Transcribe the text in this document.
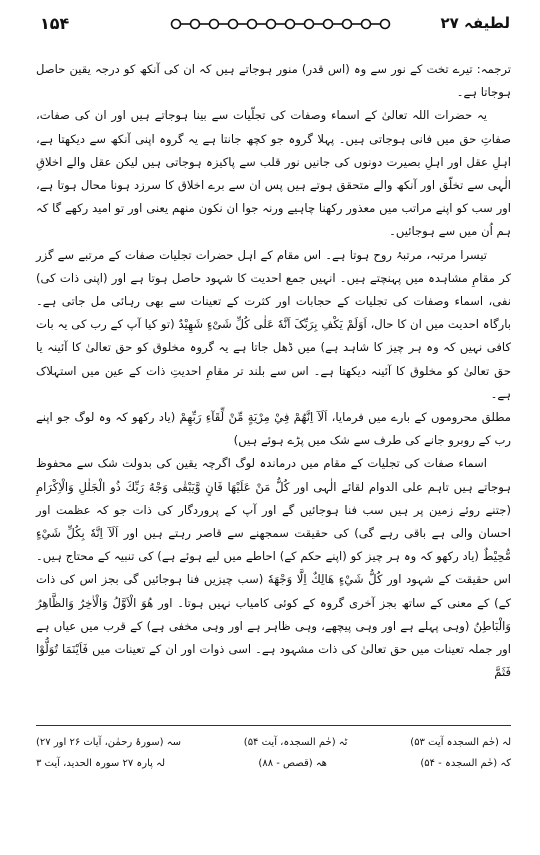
۱۵۴	لطیفہ ۲۷

ترجمہ: تیرے تخت کے نور سے وہ (اس قدر) منور ہوجاتے ہیں کہ ان کی آنکھ کو درجہ یقین حاصل ہوجاتا ہے۔

یہ حضرات اللہ تعالیٰ کے اسماء وصفات کی تجلّیات سے بینا ہوجاتے ہیں اور ان کی صفات، صفاتِ حق میں فانی ہوجاتی ہیں۔ پہلا گروہ جو کچھ جانتا ہے یہ گروہ اپنی آنکھ سے دیکھتا ہے، اہلِ عقل اور اہلِ بصیرت دونوں کی جانیں نور قلب سے پاکیزہ ہوجاتی ہیں لیکن عقل والے اخلاقِ الٰہی سے تخلّق اور آنکھ والے متحقق ہوتے ہیں پس ان سے برے اخلاق کا سرزد ہونا محال ہوتا ہے، اور سب کو اپنے مراتب میں معذور رکھنا چاہیے ورنہ جوا ان نکون منهم یعنی اور تو امید رکھے گا کہ ہم اُن میں سے ہوجائیں۔

تیسرا مرتبہ، مرتبۂ روح ہوتا ہے۔ اس مقام کے اہل حضرات تجلیات صفات کے مرتبے سے گزر کر مقامِ مشاہدہ میں پہنچتے ہیں۔ انہیں جمع احدیت کا شہود حاصل ہوتا ہے اور (اپنی ذات کی) نفی، اسماء وصفات کی تجلیات کے حجابات اور کثرت کے تعینات سے بھی رہائی مل جاتی ہے۔ بارگاہ احدیت میں ان کا حال، اَوَلَمْ یَکْفِ بِرَبِّکَ اَنَّهٗ عَلٰی کُلِّ شَیْءٍ شَهِیْدٌ (تو کیا آپ کے رب کی یہ بات کافی نہیں کہ وہ ہر چیز کا شاہد ہے) میں ڈھل جاتا ہے یہ گروہ مخلوق کو حق تعالیٰ کا آئینہ یا حق تعالیٰ کو مخلوق کا آئینہ دیکھتا ہے۔ اس سے بلند تر مقامِ احدیتِ ذات کے عین میں استہلاک ہے۔

مطلق محروموں کے بارے میں فرمایا، اَلَآ اِنَّهُمْ فِيْ مِرْيَةٍ مِّنْ لِّقَآءِ رَبِّهِمْ (یاد رکھو کہ وہ لوگ جو اپنے رب کے روبرو جانے کی طرف سے شک میں پڑے ہوئے ہیں)

اسماء صفات کی تجلیات کے مقام میں درماندہ لوگ اگرچہ یقین کی بدولت شک سے محفوظ ہوجاتے ہیں تاہم علی الدوام لقائے الٰہی اور کُلُّ مَنْ عَلَيْهَا فَانٍ وَّيَبْقٰى وَجْهُ رَبِّكَ ذُو الْجَلٰلِ وَالْاِكْرَامِ (جتنے روئے زمین پر ہیں سب فنا ہوجائیں گے اور آپ کے پروردگار کی ذات جو کہ عظمت اور احسان والی ہے باقی رہے گی) کی حقیقت سمجھنے سے قاصر رہتے ہیں اور اَلَآ اِنَّهٗ بِكُلِّ شَيْءٍ مُّحِيْطٌ (یاد رکھو کہ وہ ہر چیز کو (اپنے حکم کے) احاطے میں لیے ہوئے ہے) کی تنبیہ کے محتاج ہیں۔ اس حقیقت کے شہود اور کُلُّ شَيْءٍ هَالِكٌ اِلَّا وَجْهَهٗ (سب چیزیں فنا ہوجائیں گی بجز اس کی ذات کے) کے معنی کے ساتھ بجز آخری گروہ کے کوئی کامیاب نہیں ہوتا۔ اور هُوَ الْاَوَّلُ وَالْاٰخِرُ وَالظَّاهِرُ وَالْبَاطِنُ (وہی پہلے ہے اور وہی پیچھے، وہی ظاہر ہے اور وہی مخفی ہے) کے قرب میں عیاں ہے اور جملہ تعینات میں حق تعالیٰ کی ذات مشہود ہے۔ اسی ذوات اور ان کے تعینات میں فَاَيْنَمَا تُوَلُّوْا فَثَمَّ

لہ (حٰم السجدہ آیت ۵۳)
ٹہ (حٰم السجدہ، آیت ۵۴)
سہ (سورۂ رحمٰن، آیات ۲۶ اور ۲۷)
کہ (حٰم السجدہ - ۵۴)
ھہ (قصص - ۸۸)
لہ پارہ ۲۷ سورہ الحدید، آیت ۳
